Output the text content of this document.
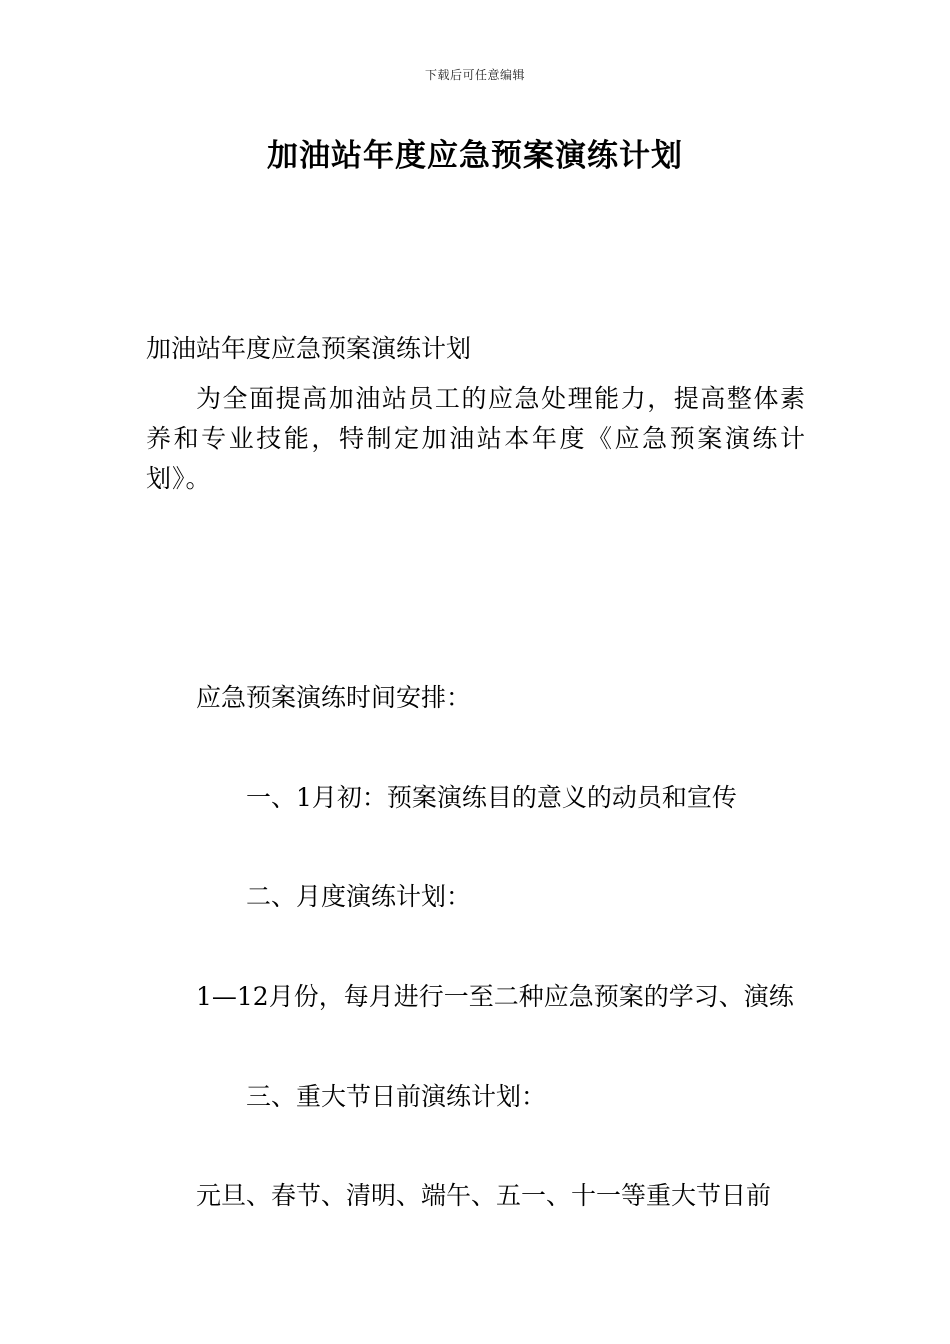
下载后可任意编辑
加油站年度应急预案演练计划
加油站年度应急预案演练计划
为全面提高加油站员工的应急处理能力，提高整体素养和专业技能，特制定加油站本年度《应急预案演练计划》。
应急预案演练时间安排：
一、1月初：预案演练目的意义的动员和宣传
二、月度演练计划：
1—12月份，每月进行一至二种应急预案的学习、演练
三、重大节日前演练计划：
元旦、春节、清明、端午、五一、十一等重大节日前
